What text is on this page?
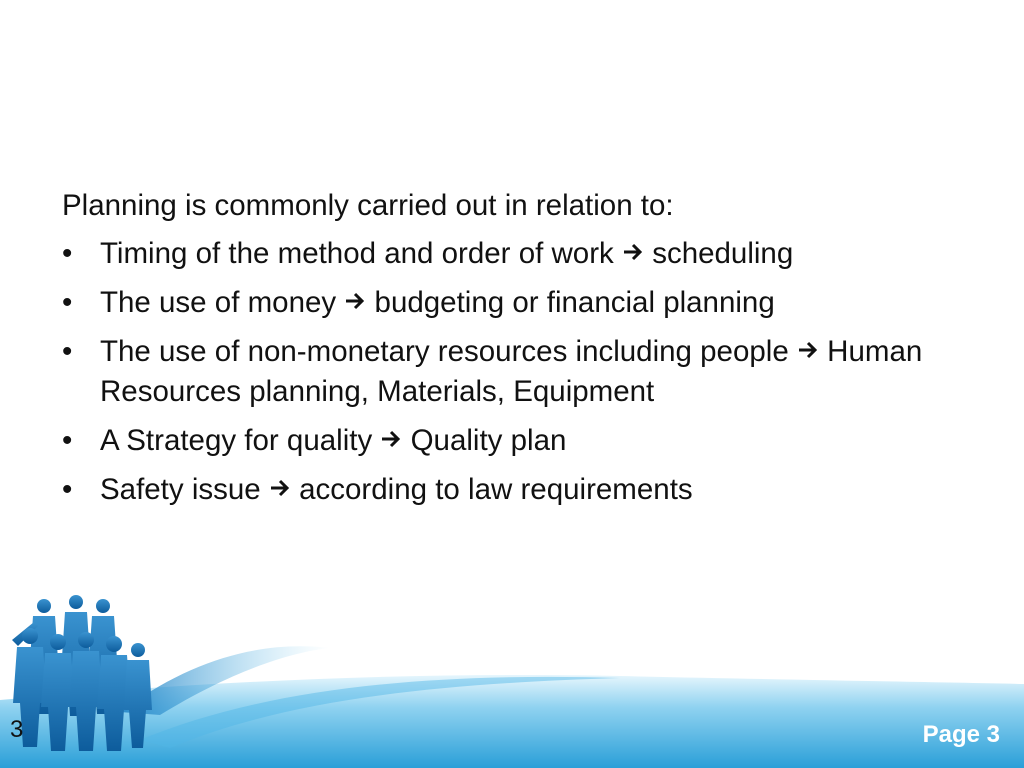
Planning is commonly carried out in relation to:
• Timing of the method and order of work scheduling
• The use of money budgeting or financial planning
• The use of non-monetary resources including people Human Resources planning, Materials, Equipment
• A Strategy for quality Quality plan
• Safety issue according to law requirements
3	Page 3
